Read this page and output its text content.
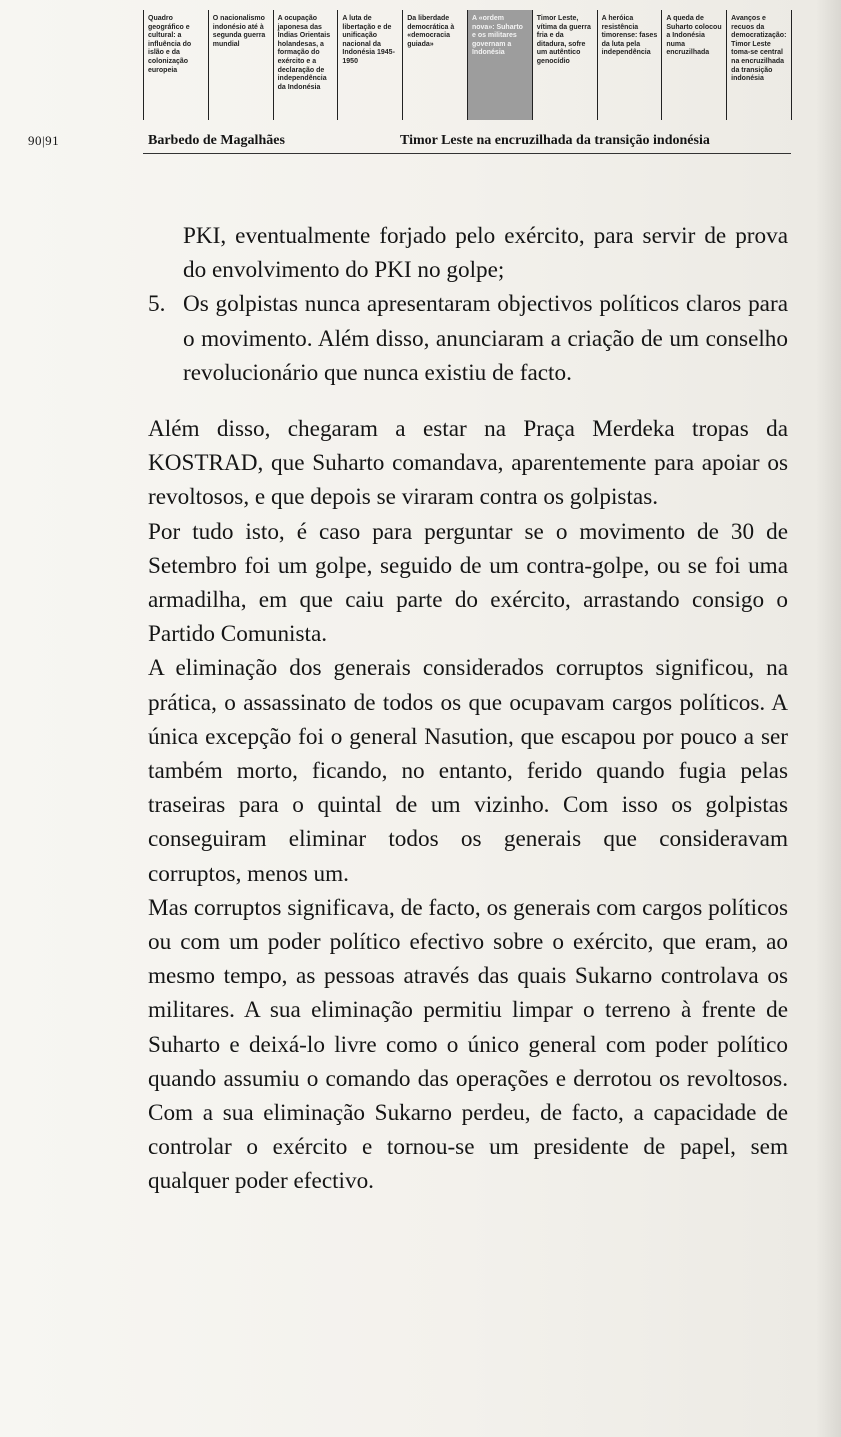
Quadro geográfico e cultural: a influência do islão e da colonização europeia
O nacionalismo indonésio até à segunda guerra mundial
A ocupação japonesa das Índias Orientais holandesas, a formação do exército e a declaração de independência da Indonésia
A luta de libertação e de unificação nacional da Indonésia 1945-1950
Da liberdade democrática à «democracia guiada»
A «ordem nova»: Suharto e os militares governam a Indonésia
Timor Leste, vítima da guerra fria e da ditadura, sofre um autêntico genocídio
A heróica resistência timorense: fases da luta pela independência
A queda de Suharto colocou a Indonésia numa encruzilhada
Avanços e recuos da democratização: Timor Leste toma-se central na encruzilhada da transição indonésia
90|91	Barbedo de Magalhães	Timor Leste na encruzilhada da transição indonésia

PKI, eventualmente forjado pelo exército, para servir de prova do envolvimento do PKI no golpe;

5. Os golpistas nunca apresentaram objectivos políticos claros para o movimento. Além disso, anunciaram a criação de um conselho revolucionário que nunca existiu de facto.

Além disso, chegaram a estar na Praça Merdeka tropas da KOSTRAD, que Suharto comandava, aparentemente para apoiar os revoltosos, e que depois se viraram contra os golpistas.

Por tudo isto, é caso para perguntar se o movimento de 30 de Setembro foi um golpe, seguido de um contra-golpe, ou se foi uma armadilha, em que caiu parte do exército, arrastando consigo o Partido Comunista.

A eliminação dos generais considerados corruptos significou, na prática, o assassinato de todos os que ocupavam cargos políticos. A única excepção foi o general Nasution, que escapou por pouco a ser também morto, ficando, no entanto, ferido quando fugia pelas traseiras para o quintal de um vizinho. Com isso os golpistas conseguiram eliminar todos os generais que consideravam corruptos, menos um.

Mas corruptos significava, de facto, os generais com cargos políticos ou com um poder político efectivo sobre o exército, que eram, ao mesmo tempo, as pessoas através das quais Sukarno controlava os militares. A sua eliminação permitiu limpar o terreno à frente de Suharto e deixá-lo livre como o único general com poder político quando assumiu o comando das operações e derrotou os revoltosos. Com a sua eliminação Sukarno perdeu, de facto, a capacidade de controlar o exército e tornou-se um presidente de papel, sem qualquer poder efectivo.
